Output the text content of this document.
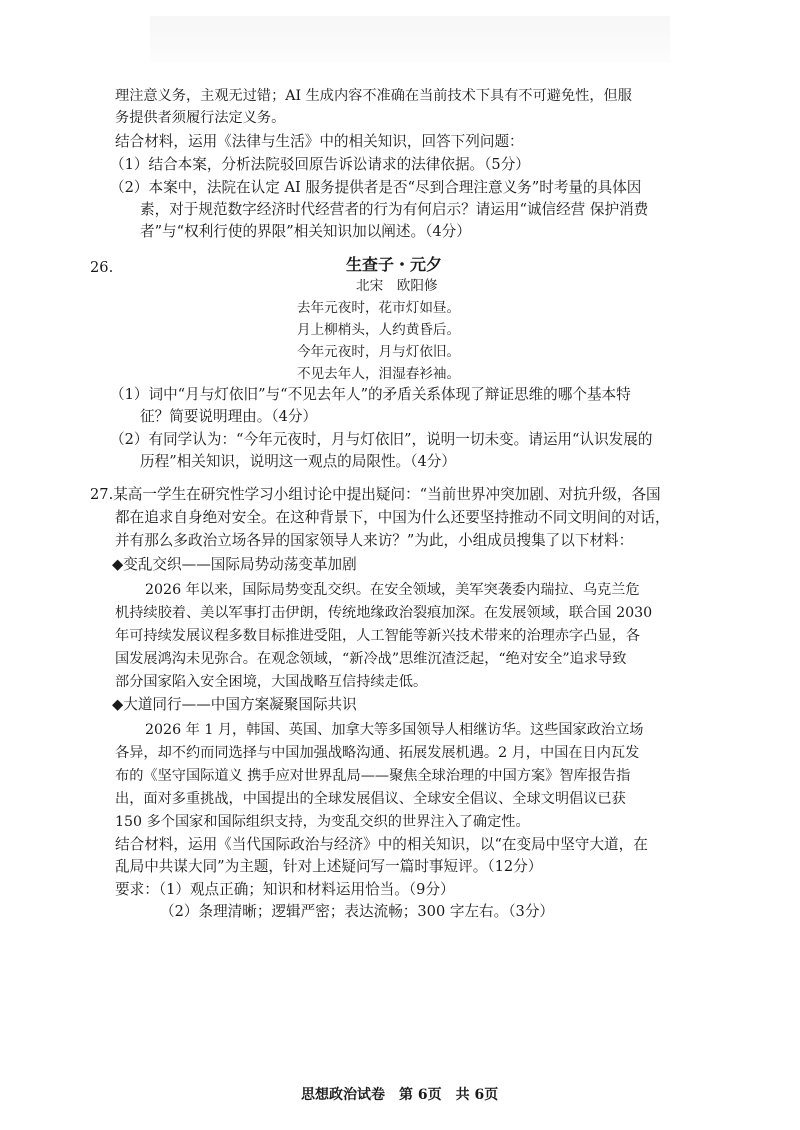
理注意义务，主观无过错；AI 生成内容不准确在当前技术下具有不可避免性，但服
务提供者须履行法定义务。
结合材料，运用《法律与生活》中的相关知识，回答下列问题：
（1）结合本案，分析法院驳回原告诉讼请求的法律依据。（5分）
（2）本案中，法院在认定 AI 服务提供者是否“尽到合理注意义务”时考量的具体因
素，对于规范数字经济时代经营者的行为有何启示？请运用“诚信经营 保护消费
者”与“权利行使的界限”相关知识加以阐述。（4分）
26.	生查子・元夕
北宋　欧阳修
去年元夜时，花市灯如昼。
月上柳梢头，人约黄昏后。
今年元夜时，月与灯依旧。
不见去年人，泪湿春衫袖。
（1）词中“月与灯依旧”与“不见去年人”的矛盾关系体现了辩证思维的哪个基本特
征？简要说明理由。（4分）
（2）有同学认为：“今年元夜时，月与灯依旧”，说明一切未变。请运用“认识发展的
历程”相关知识，说明这一观点的局限性。（4分）
27.某高一学生在研究性学习小组讨论中提出疑问：“当前世界冲突加剧、对抗升级，各国
都在追求自身绝对安全。在这种背景下，中国为什么还要坚持推动不同文明间的对话，
并有那么多政治立场各异的国家领导人来访？”为此，小组成员搜集了以下材料：
◆变乱交织——国际局势动荡变革加剧
2026 年以来，国际局势变乱交织。在安全领域，美军突袭委内瑞拉、乌克兰危
机持续胶着、美以军事打击伊朗，传统地缘政治裂痕加深。在发展领域，联合国 2030
年可持续发展议程多数目标推进受阻，人工智能等新兴技术带来的治理赤字凸显，各
国发展鸿沟未见弥合。在观念领域，“新冷战”思维沉渣泛起，“绝对安全”追求导致
部分国家陷入安全困境，大国战略互信持续走低。
◆大道同行——中国方案凝聚国际共识
2026 年 1 月，韩国、英国、加拿大等多国领导人相继访华。这些国家政治立场
各异，却不约而同选择与中国加强战略沟通、拓展发展机遇。2 月，中国在日内瓦发
布的《坚守国际道义 携手应对世界乱局——聚焦全球治理的中国方案》智库报告指
出，面对多重挑战，中国提出的全球发展倡议、全球安全倡议、全球文明倡议已获
150 多个国家和国际组织支持，为变乱交织的世界注入了确定性。
结合材料，运用《当代国际政治与经济》中的相关知识，以“在变局中坚守大道，在
乱局中共谋大同”为主题，针对上述疑问写一篇时事短评。（12分）
要求：（1）观点正确；知识和材料运用恰当。（9分）
（2）条理清晰；逻辑严密；表达流畅；300 字左右。（3分）
思想政治试卷　第 6页　共 6页
